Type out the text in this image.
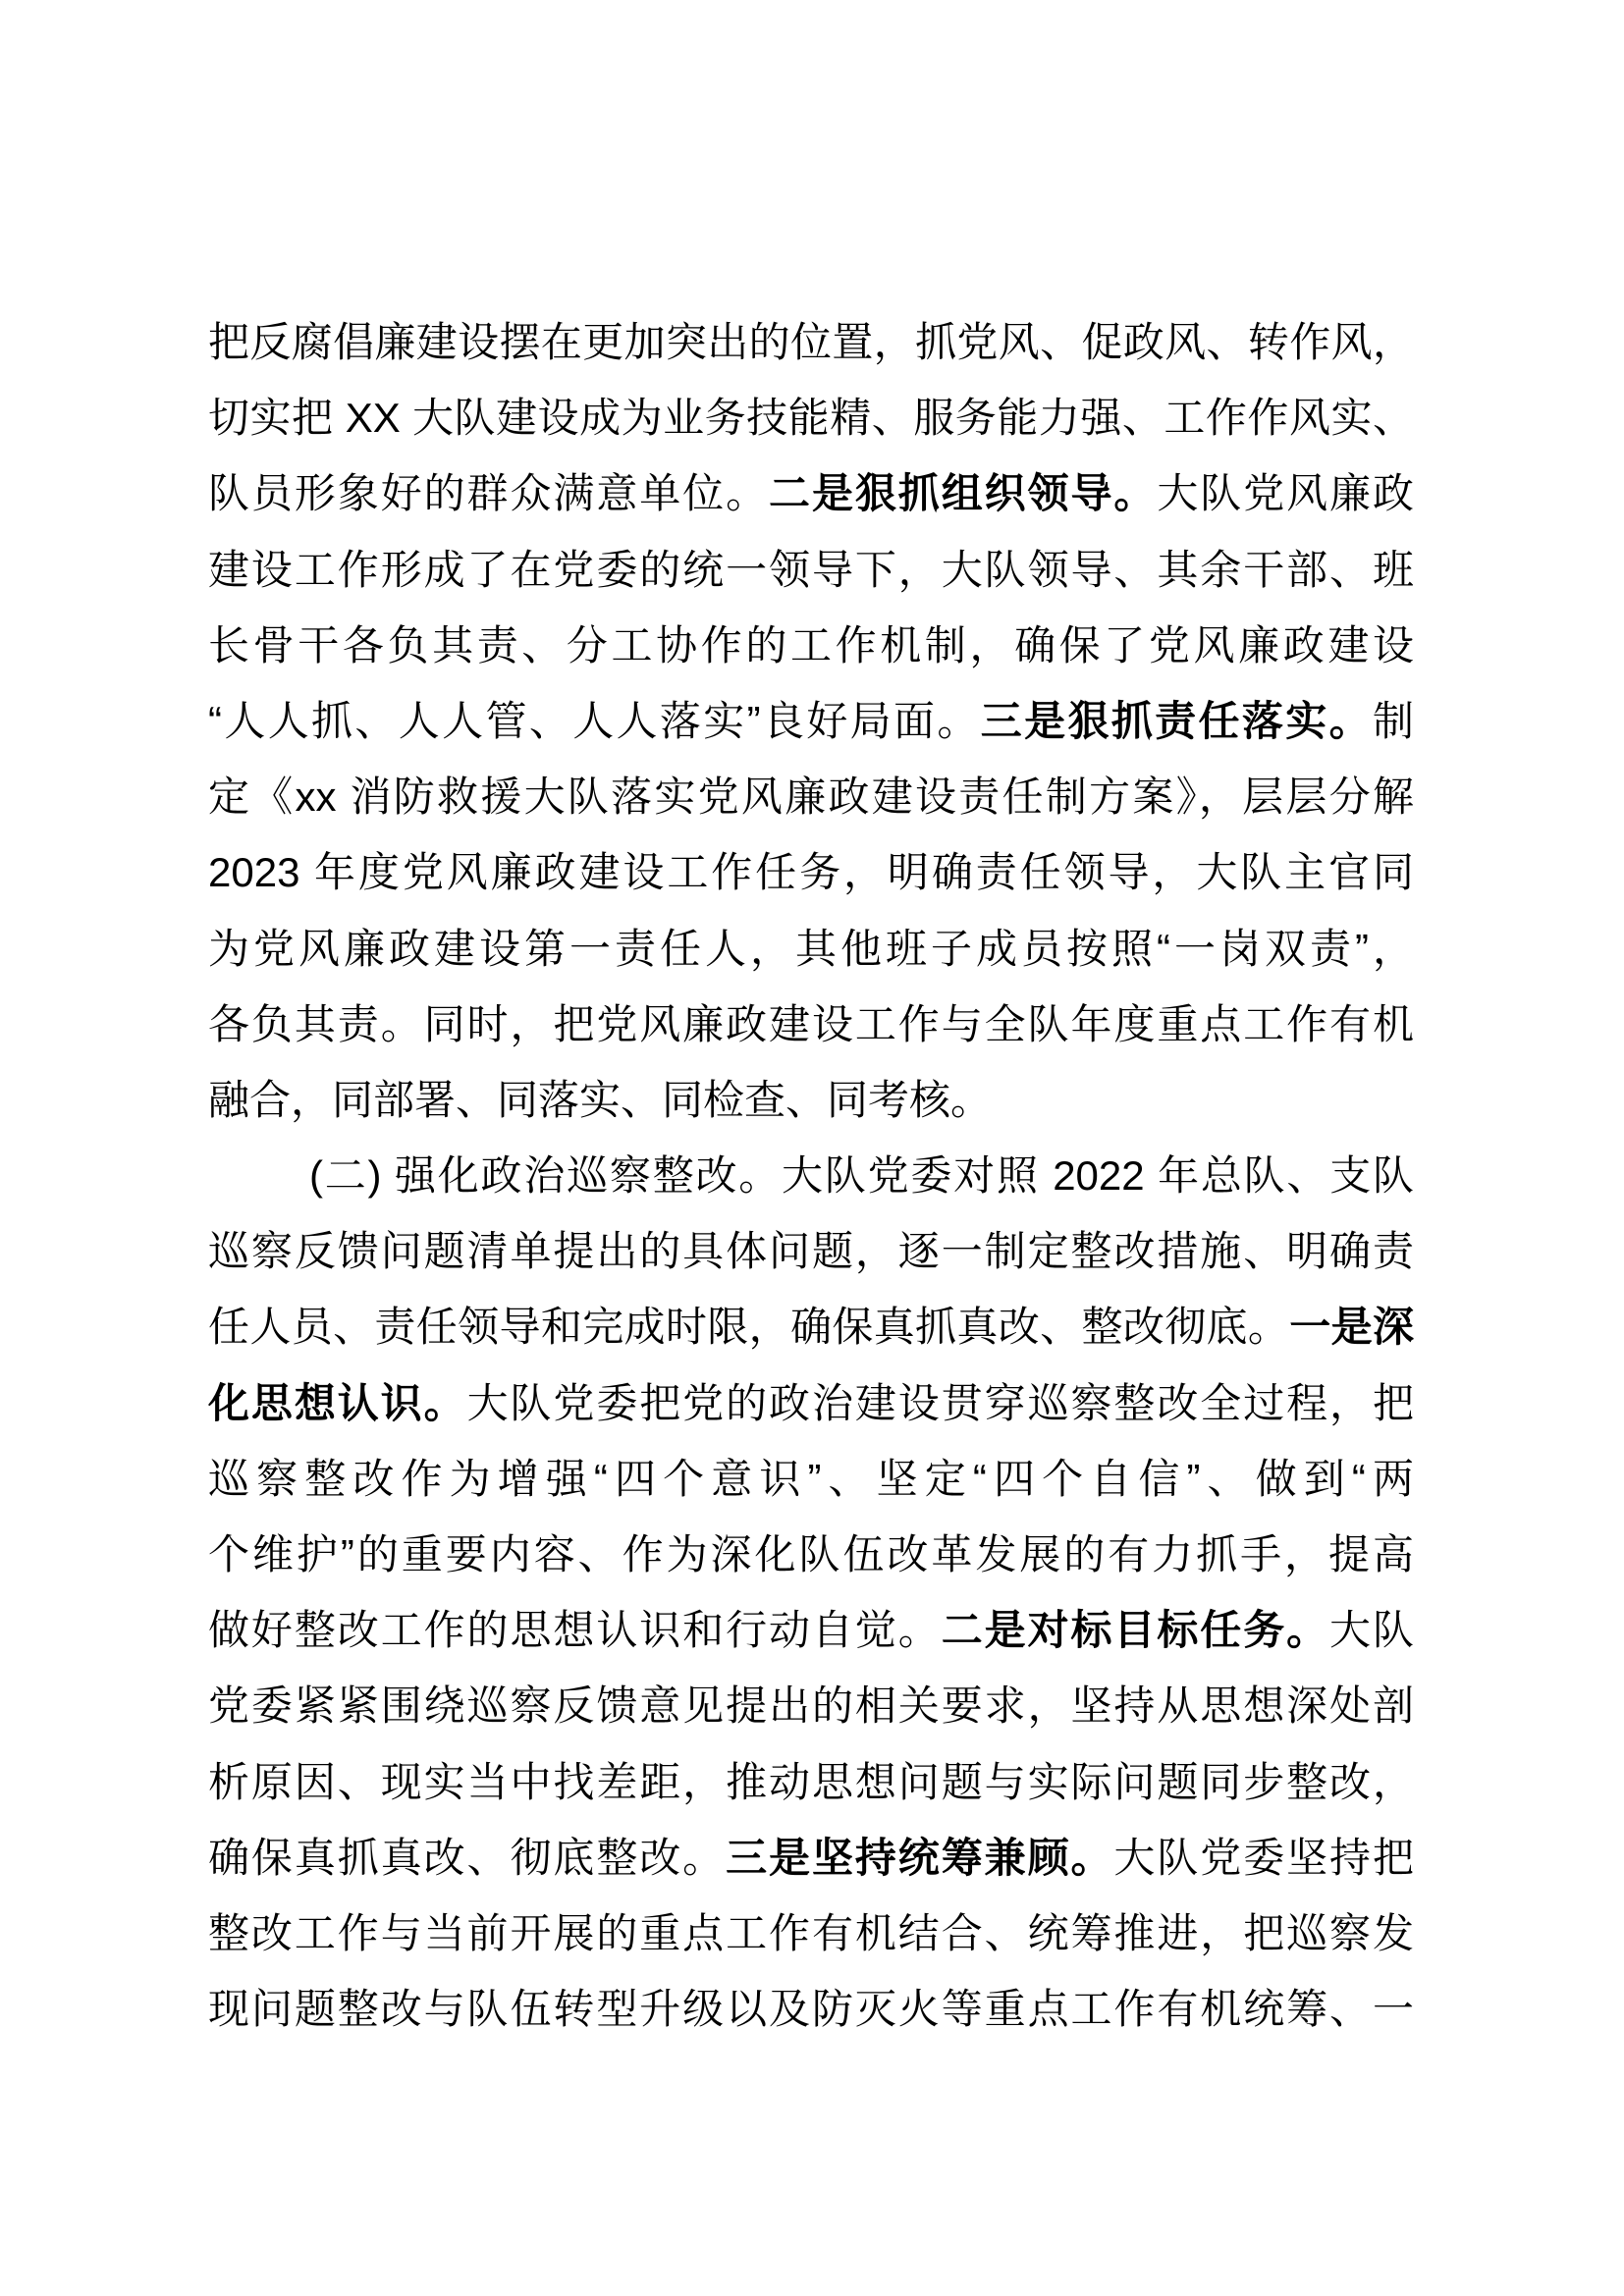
把反腐倡廉建设摆在更加突出的位置，抓党风、促政风、转作风，
切实把 XX 大队建设成为业务技能精、服务能力强、工作作风实、
队员形象好的群众满意单位。二是狠抓组织领导。大队党风廉政
建设工作形成了在党委的统一领导下，大队领导、其余干部、班
长骨干各负其责、分工协作的工作机制，确保了党风廉政建设
“人人抓、人人管、人人落实”良好局面。三是狠抓责任落实。制
定《xx 消防救援大队落实党风廉政建设责任制方案》，层层分解
2023 年度党风廉政建设工作任务，明确责任领导，大队主官同
为党风廉政建设第一责任人，其他班子成员按照“一岗双责”，
各负其责。同时，把党风廉政建设工作与全队年度重点工作有机
融合，同部署、同落实、同检查、同考核。
(二) 强化政治巡察整改。大队党委对照 2022 年总队、支队
巡察反馈问题清单提出的具体问题，逐一制定整改措施、明确责
任人员、责任领导和完成时限，确保真抓真改、整改彻底。一是深
化思想认识。大队党委把党的政治建设贯穿巡察整改全过程，把
巡察整改作为增强“四个意识”、坚定“四个自信”、做到“两
个维护”的重要内容、作为深化队伍改革发展的有力抓手，提高
做好整改工作的思想认识和行动自觉。二是对标目标任务。大队
党委紧紧围绕巡察反馈意见提出的相关要求，坚持从思想深处剖
析原因、现实当中找差距，推动思想问题与实际问题同步整改，
确保真抓真改、彻底整改。三是坚持统筹兼顾。大队党委坚持把
整改工作与当前开展的重点工作有机结合、统筹推进，把巡察发
现问题整改与队伍转型升级以及防灭火等重点工作有机统筹、一
